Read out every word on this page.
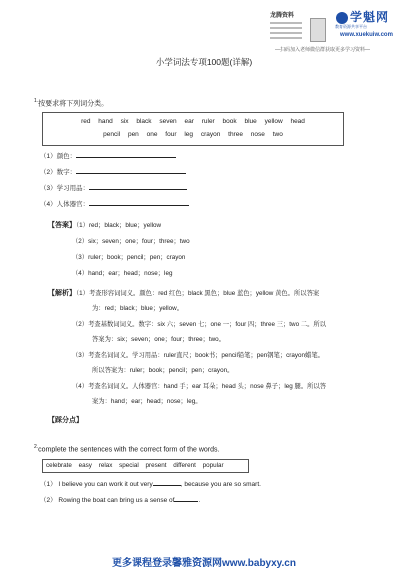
龙腾资料	学魁网
教育资源共享平台
www.xuekuiw.com
—扫码加入老师微信群获取更多学习资料—
小学词法专项100题(详解)
$^{1.}$按要求将下列词分类。
red hand six black seven ear ruler book blue yellow head
pencil pen one four leg crayon three nose two
（1）颜色：
（2）数字：
（3）学习用品：
（4）人体器官：
【答案】（1）red；black；blue；yellow
（2）six；seven；one；four；three；two
（3）ruler；book；pencil；pen；crayon
（4）hand；ear；head；nose；leg
【解析】（1）考查形容词词义。颜色：red 红色；black 黑色；blue 蓝色；yellow 黄色。所以答案
为：red；black；blue；yellow。
（2）考查基数词词义。数字：six 六；seven 七；one 一；four 四；three 三；two 二。所以
答案为：six；seven；one；four；three；two。
（3）考查名词词义。学习用品：ruler直尺；book书；pencil铅笔；pen钢笔；crayon蜡笔。
所以答案为：ruler；book；pencil；pen；crayon。
（4）考查名词词义。人体器官：hand 手；ear 耳朵；head 头；nose 鼻子；leg 腿。所以答
案为：hand；ear；head；nose；leg。
【踩分点】
$^{2.}$complete the sentences with the correct form of the words.
celebrate easy relax special present different popular
（1） I believe you can work it out very	, because you are so smart.
（2） Rowing the boat can bring us a sense of	.
更多课程登录馨雅资源网www.babyxy.cn
